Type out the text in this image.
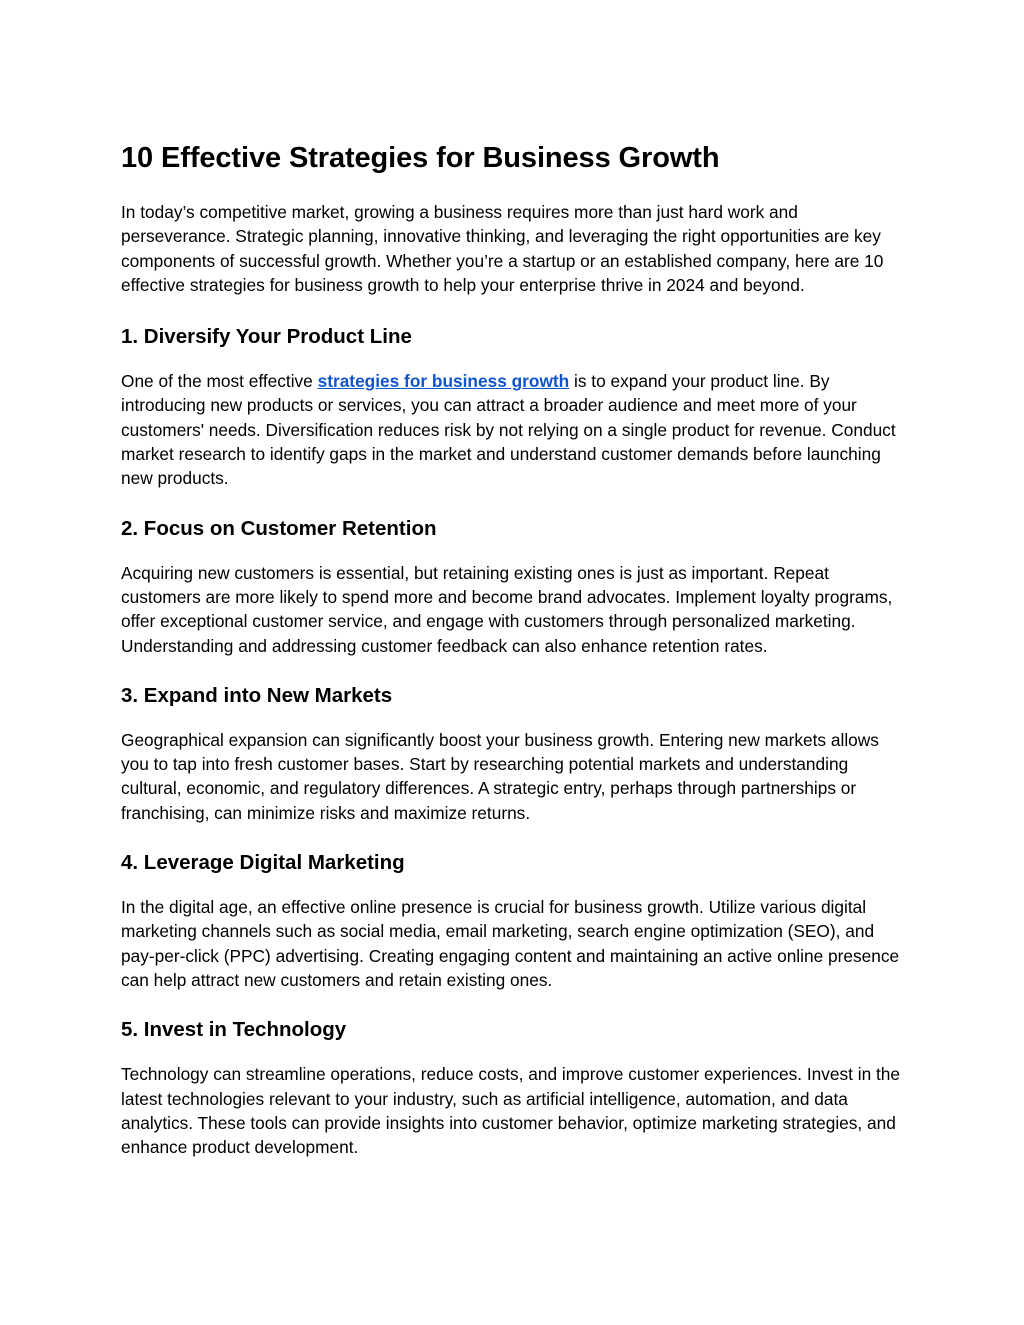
10 Effective Strategies for Business Growth

In today’s competitive market, growing a business requires more than just hard work and perseverance. Strategic planning, innovative thinking, and leveraging the right opportunities are key components of successful growth. Whether you’re a startup or an established company, here are 10 effective strategies for business growth to help your enterprise thrive in 2024 and beyond.

1. Diversify Your Product Line

One of the most effective strategies for business growth is to expand your product line. By introducing new products or services, you can attract a broader audience and meet more of your customers' needs. Diversification reduces risk by not relying on a single product for revenue. Conduct market research to identify gaps in the market and understand customer demands before launching new products.

2. Focus on Customer Retention

Acquiring new customers is essential, but retaining existing ones is just as important. Repeat customers are more likely to spend more and become brand advocates. Implement loyalty programs, offer exceptional customer service, and engage with customers through personalized marketing. Understanding and addressing customer feedback can also enhance retention rates.

3. Expand into New Markets

Geographical expansion can significantly boost your business growth. Entering new markets allows you to tap into fresh customer bases. Start by researching potential markets and understanding cultural, economic, and regulatory differences. A strategic entry, perhaps through partnerships or franchising, can minimize risks and maximize returns.

4. Leverage Digital Marketing

In the digital age, an effective online presence is crucial for business growth. Utilize various digital marketing channels such as social media, email marketing, search engine optimization (SEO), and pay-per-click (PPC) advertising. Creating engaging content and maintaining an active online presence can help attract new customers and retain existing ones.

5. Invest in Technology

Technology can streamline operations, reduce costs, and improve customer experiences. Invest in the latest technologies relevant to your industry, such as artificial intelligence, automation, and data analytics. These tools can provide insights into customer behavior, optimize marketing strategies, and enhance product development.
